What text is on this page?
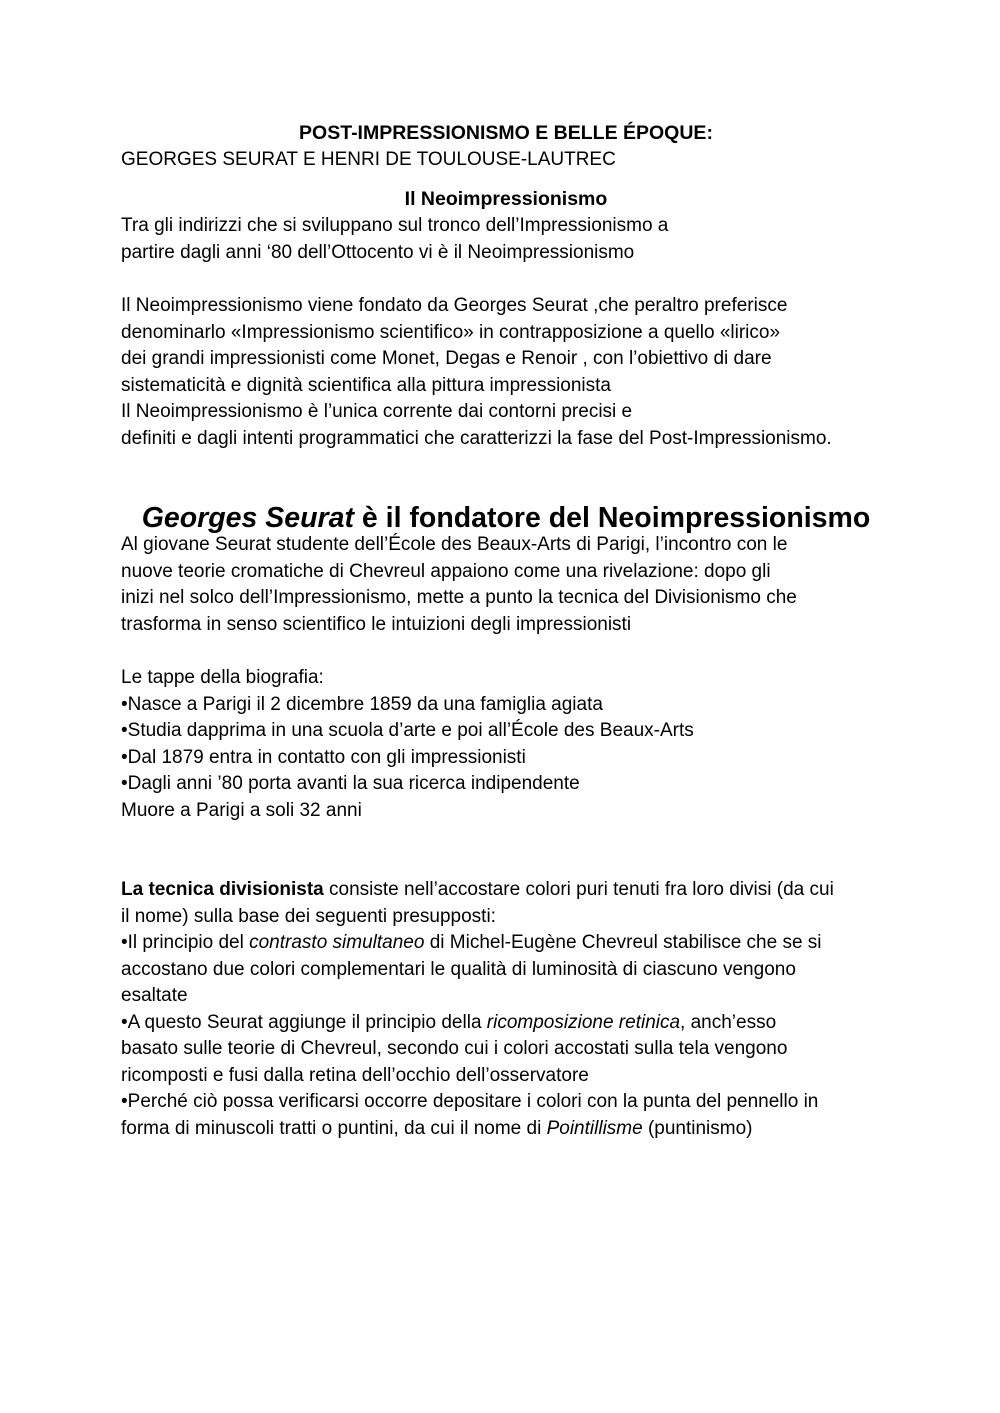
POST-IMPRESSIONISMO E BELLE ÉPOQUE:

GEORGES SEURAT E HENRI DE TOULOUSE-LAUTREC

Il Neoimpressionismo

Tra gli indirizzi che si sviluppano sul tronco dell’Impressionismo a

partire dagli anni ‘80 dell’Ottocento vi è il Neoimpressionismo

Il Neoimpressionismo viene fondato da Georges Seurat ,che peraltro preferisce

denominarlo «Impressionismo scientifico» in contrapposizione a quello «lirico»

dei grandi impressionisti come Monet, Degas e Renoir , con l’obiettivo di dare

sistematicità e dignità scientifica alla pittura impressionista

Il Neoimpressionismo è l’unica corrente dai contorni precisi e

definiti e dagli intenti programmatici che caratterizzi la fase del Post-Impressionismo.

Georges Seurat è il fondatore del Neoimpressionismo

Al giovane Seurat studente dell’École des Beaux-Arts di Parigi, l’incontro con le

nuove teorie cromatiche di Chevreul appaiono come una rivelazione: dopo gli

inizi nel solco dell’Impressionismo, mette a punto la tecnica del Divisionismo che

trasforma in senso scientifico le intuizioni degli impressionisti

Le tappe della biografia:

•Nasce a Parigi il 2 dicembre 1859 da una famiglia agiata

•Studia dapprima in una scuola d’arte e poi all’École des Beaux-Arts

•Dal 1879 entra in contatto con gli impressionisti

•Dagli anni ’80 porta avanti la sua ricerca indipendente

Muore a Parigi a soli 32 anni

La tecnica divisionista consiste nell’accostare colori puri tenuti fra loro divisi (da cui

il nome) sulla base dei seguenti presupposti:

•Il principio del contrasto simultaneo di Michel-Eugène Chevreul stabilisce che se si

accostano due colori complementari le qualità di luminosità di ciascuno vengono

esaltate

•A questo Seurat aggiunge il principio della ricomposizione retinica, anch’esso

basato sulle teorie di Chevreul, secondo cui i colori accostati sulla tela vengono

ricomposti e fusi dalla retina dell’occhio dell’osservatore

•Perché ciò possa verificarsi occorre depositare i colori con la punta del pennello in

forma di minuscoli tratti o puntini, da cui il nome di Pointillisme (puntinismo)
